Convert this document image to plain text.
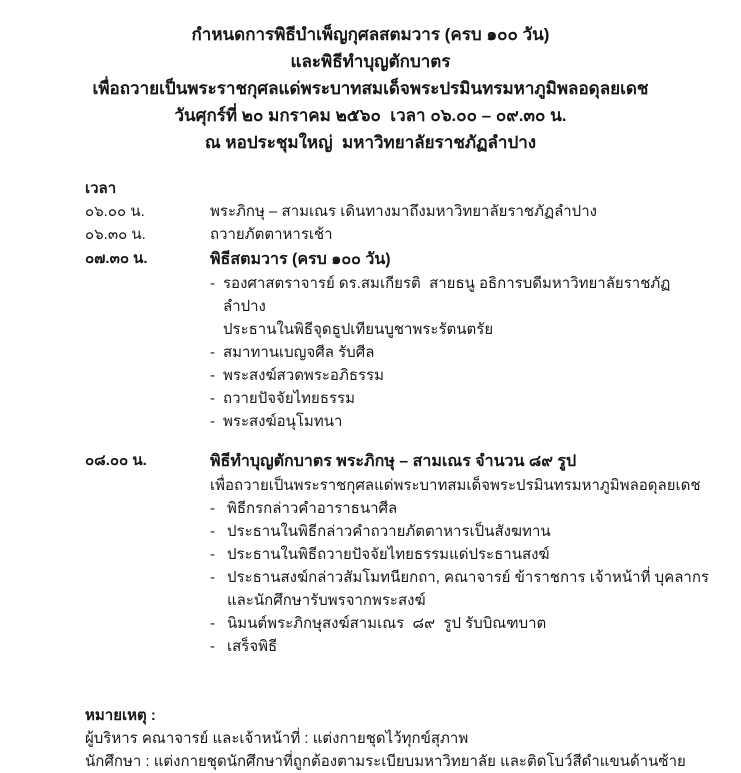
กำหนดการพิธีบำเพ็ญกุศลสตมวาร (ครบ ๑๐๐ วัน)
และพิธีทำบุญตักบาตร
เพื่อถวายเป็นพระราชกุศลแด่พระบาทสมเด็จพระปรมินทรมหาภูมิพลอดุลยเดช
วันศุกร์ที่ ๒๐ มกราคม ๒๕๖๐  เวลา ๐๖.๐๐ – ๐๙.๓๐ น.
ณ หอประชุมใหญ่  มหาวิทยาลัยราชภัฏลำปาง
เวลา
๐๖.๐๐ น.	พระภิกษุ – สามเณร เดินทางมาถึงมหาวิทยาลัยราชภัฏลำปาง
๐๖.๓๐ น.	ถวายภัตตาหารเช้า
๐๗.๓๐ น.	พิธีสตมวาร (ครบ ๑๐๐ วัน)
- รองศาสตราจารย์ ดร.สมเกียรติ  สายธนู อธิการบดีมหาวิทยาลัยราชภัฏลำปาง
ประธานในพิธีจุดธูปเทียนบูชาพระรัตนตรัย
- สมาทานเบญจศีล รับศีล
- พระสงฆ์สวดพระอภิธรรม
- ถวายปัจจัยไทยธรรม
- พระสงฆ์อนุโมทนา
๐๘.๐๐ น.	พิธีทำบุญตักบาตร พระภิกษุ – สามเณร จำนวน ๘๙ รูป
เพื่อถวายเป็นพระราชกุศลแด่พระบาทสมเด็จพระปรมินทรมหาภูมิพลอดุลยเดช
- พิธีกรกล่าวคำอาราธนาศีล
- ประธานในพิธีกล่าวคำถวายภัตตาหารเป็นสังฆทาน
- ประธานในพิธีถวายปัจจัยไทยธรรมแด่ประธานสงฆ์
- ประธานสงฆ์กล่าวสัมโมทนียกถา, คณาจารย์ ข้าราชการ เจ้าหน้าที่ บุคลากร
และนักศึกษารับพรจากพระสงฆ์
- นิมนต์พระภิกษุสงฆ์สามเณร  ๘๙  รูป รับบิณฑบาต
- เสร็จพิธี
หมายเหตุ :
ผู้บริหาร คณาจารย์ และเจ้าหน้าที่ : แต่งกายชุดไว้ทุกข์สุภาพ
นักศึกษา : แต่งกายชุดนักศึกษาที่ถูกต้องตามระเบียบมหาวิทยาลัย และติดโบว์สีดำแขนด้านซ้าย
